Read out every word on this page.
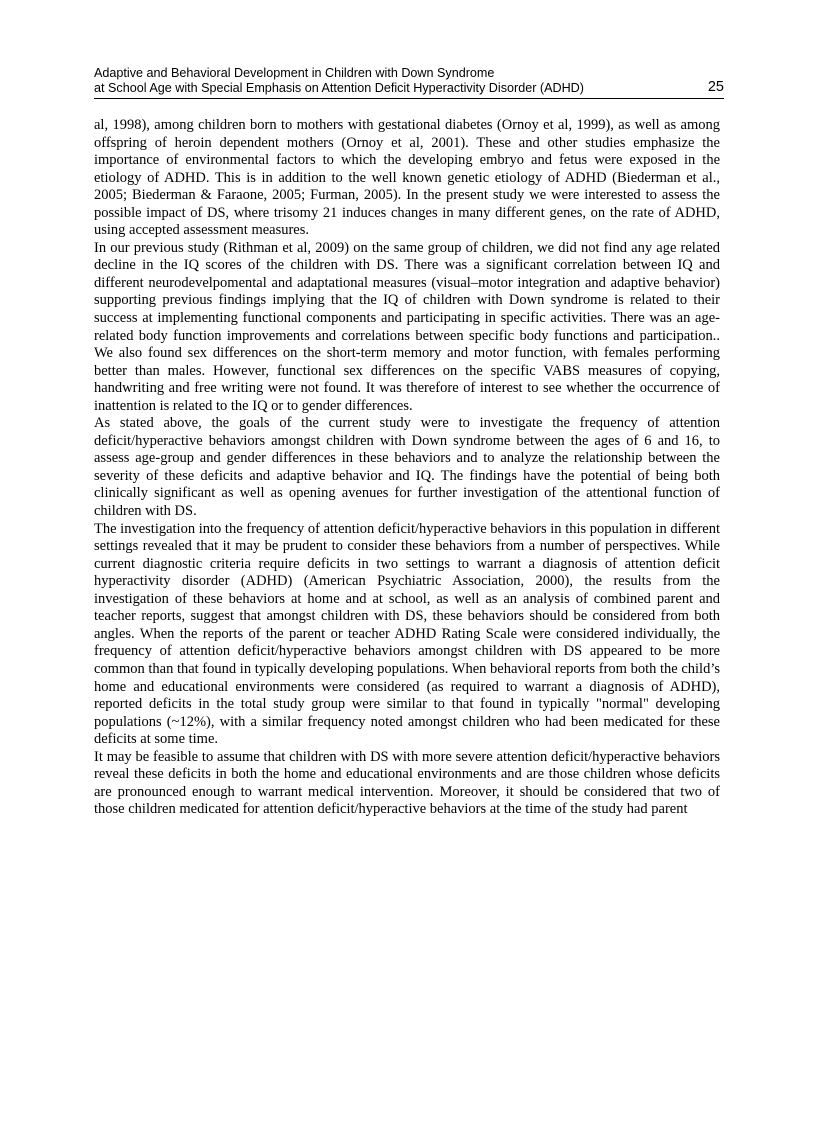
Adaptive and Behavioral Development in Children with Down Syndrome
at School Age with Special Emphasis on Attention Deficit Hyperactivity Disorder (ADHD)	25

al, 1998), among children born to mothers with gestational diabetes (Ornoy et al, 1999), as well as among offspring of heroin dependent mothers (Ornoy et al, 2001). These and other studies emphasize the importance of environmental factors to which the developing embryo and fetus were exposed in the etiology of ADHD. This is in addition to the well known genetic etiology of ADHD (Biederman et al., 2005; Biederman & Faraone, 2005; Furman, 2005). In the present study we were interested to assess the possible impact of DS, where trisomy 21 induces changes in many different genes, on the rate of ADHD, using accepted assessment measures.

In our previous study (Rithman et al, 2009) on the same group of children, we did not find any age related decline in the IQ scores of the children with DS. There was a significant correlation between IQ and different neurodevelpomental and adaptational measures (visual–motor integration and adaptive behavior) supporting previous findings implying that the IQ of children with Down syndrome is related to their success at implementing functional components and participating in specific activities. There was an age-related body function improvements and correlations between specific body functions and participation.. We also found sex differences on the short-term memory and motor function, with females performing better than males. However, functional sex differences on the specific VABS measures of copying, handwriting and free writing were not found. It was therefore of interest to see whether the occurrence of inattention is related to the IQ or to gender differences.

As stated above, the goals of the current study were to investigate the frequency of attention deficit/hyperactive behaviors amongst children with Down syndrome between the ages of 6 and 16, to assess age-group and gender differences in these behaviors and to analyze the relationship between the severity of these deficits and adaptive behavior and IQ. The findings have the potential of being both clinically significant as well as opening avenues for further investigation of the attentional function of children with DS.

The investigation into the frequency of attention deficit/hyperactive behaviors in this population in different settings revealed that it may be prudent to consider these behaviors from a number of perspectives. While current diagnostic criteria require deficits in two settings to warrant a diagnosis of attention deficit hyperactivity disorder (ADHD) (American Psychiatric Association, 2000), the results from the investigation of these behaviors at home and at school, as well as an analysis of combined parent and teacher reports, suggest that amongst children with DS, these behaviors should be considered from both angles. When the reports of the parent or teacher ADHD Rating Scale were considered individually, the frequency of attention deficit/hyperactive behaviors amongst children with DS appeared to be more common than that found in typically developing populations. When behavioral reports from both the child’s home and educational environments were considered (as required to warrant a diagnosis of ADHD), reported deficits in the total study group were similar to that found in typically "normal" developing populations (~12%), with a similar frequency noted amongst children who had been medicated for these deficits at some time.

It may be feasible to assume that children with DS with more severe attention deficit/hyperactive behaviors reveal these deficits in both the home and educational environments and are those children whose deficits are pronounced enough to warrant medical intervention. Moreover, it should be considered that two of those children medicated for attention deficit/hyperactive behaviors at the time of the study had parent
